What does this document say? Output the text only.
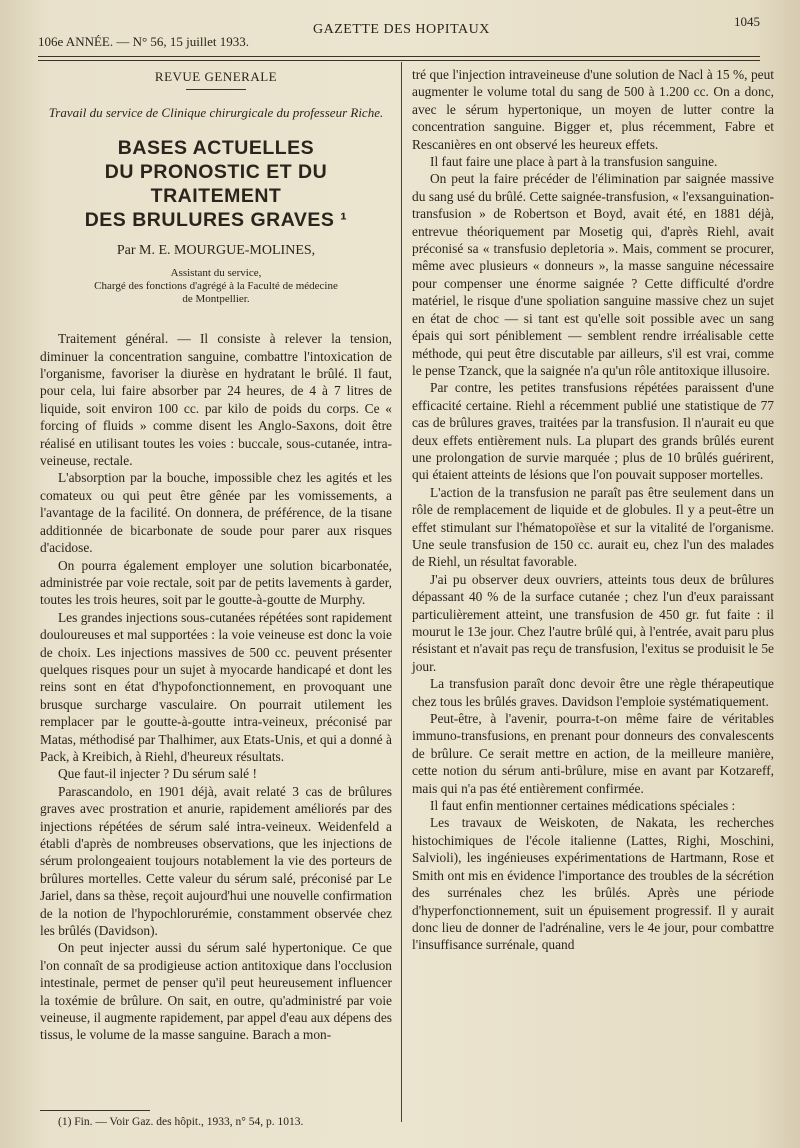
106e ANNÉE. — N° 56, 15 juillet 1933.
GAZETTE DES HOPITAUX
1045
REVUE GENERALE
Travail du service de Clinique chirurgicale du professeur Riche.
BASES ACTUELLES
DU PRONOSTIC ET DU TRAITEMENT
DES BRULURES GRAVES ¹
Par M. E. MOURGUE-MOLINES,
Assistant du service,
Chargé des fonctions d'agrégé à la Faculté de médecine
de Montpellier.

Traitement général. — Il consiste à relever la tension, diminuer la concentration sanguine, combattre l'intoxication de l'organisme, favoriser la diurèse en hydratant le brûlé. Il faut, pour cela, lui faire absorber par 24 heures, de 4 à 7 litres de liquide, soit environ 100 cc. par kilo de poids du corps. Ce « forcing of fluids » comme disent les Anglo-Saxons, doit être réalisé en utilisant toutes les voies : buccale, sous-cutanée, intra-veineuse, rectale.

L'absorption par la bouche, impossible chez les agités et les comateux ou qui peut être gênée par les vomissements, a l'avantage de la facilité. On donnera, de préférence, de la tisane additionnée de bicarbonate de soude pour parer aux risques d'acidose.

On pourra également employer une solution bicarbonatée, administrée par voie rectale, soit par de petits lavements à garder, toutes les trois heures, soit par le goutte-à-goutte de Murphy.

Les grandes injections sous-cutanées répétées sont rapidement douloureuses et mal supportées : la voie veineuse est donc la voie de choix. Les injections massives de 500 cc. peuvent présenter quelques risques pour un sujet à myocarde handicapé et dont les reins sont en état d'hypofonctionnement, en provoquant une brusque surcharge vasculaire. On pourrait utilement les remplacer par le goutte-à-goutte intra-veineux, préconisé par Matas, méthodisé par Thalhimer, aux Etats-Unis, et qui a donné à Pack, à Kreibich, à Riehl, d'heureux résultats.

Que faut-il injecter ? Du sérum salé !

Parascandolo, en 1901 déjà, avait relaté 3 cas de brûlures graves avec prostration et anurie, rapidement améliorés par des injections répétées de sérum salé intra-veineux. Weidenfeld a établi d'après de nombreuses observations, que les injections de sérum prolongeaient toujours notablement la vie des porteurs de brûlures mortelles. Cette valeur du sérum salé, préconisé par Le Jariel, dans sa thèse, reçoit aujourd'hui une nouvelle confirmation de la notion de l'hypochlorurémie, constamment observée chez les brûlés (Davidson).

On peut injecter aussi du sérum salé hypertonique. Ce que l'on connaît de sa prodigieuse action antitoxique dans l'occlusion intestinale, permet de penser qu'il peut heureusement influencer la toxémie de brûlure. On sait, en outre, qu'administré par voie veineuse, il augmente rapidement, par appel d'eau aux dépens des tissus, le volume de la masse sanguine. Barach a mon-

tré que l'injection intraveineuse d'une solution de Nacl à 15 %, peut augmenter le volume total du sang de 500 à 1.200 cc. On a donc, avec le sérum hypertonique, un moyen de lutter contre la concentration sanguine. Bigger et, plus récemment, Fabre et Rescanières en ont observé les heureux effets.

Il faut faire une place à part à la transfusion sanguine.

On peut la faire précéder de l'élimination par saignée massive du sang usé du brûlé. Cette saignée-transfusion, « l'exsanguination-transfusion » de Robertson et Boyd, avait été, en 1881 déjà, entrevue théoriquement par Mosetig qui, d'après Riehl, avait préconisé sa « transfusio depletoria ». Mais, comment se procurer, même avec plusieurs « donneurs », la masse sanguine nécessaire pour compenser une énorme saignée ? Cette difficulté d'ordre matériel, le risque d'une spoliation sanguine massive chez un sujet en état de choc — si tant est qu'elle soit possible avec un sang épais qui sort péniblement — semblent rendre irréalisable cette méthode, qui peut être discutable par ailleurs, s'il est vrai, comme le pense Tzanck, que la saignée n'a qu'un rôle antitoxique illusoire.

Par contre, les petites transfusions répétées paraissent d'une efficacité certaine. Riehl a récemment publié une statistique de 77 cas de brûlures graves, traitées par la transfusion. Il n'aurait eu que deux effets entièrement nuls. La plupart des grands brûlés eurent une prolongation de survie marquée ; plus de 10 brûlés guérirent, qui étaient atteints de lésions que l'on pouvait supposer mortelles.

L'action de la transfusion ne paraît pas être seulement dans un rôle de remplacement de liquide et de globules. Il y a peut-être un effet stimulant sur l'hématopoïèse et sur la vitalité de l'organisme. Une seule transfusion de 150 cc. aurait eu, chez l'un des malades de Riehl, un résultat favorable.

J'ai pu observer deux ouvriers, atteints tous deux de brûlures dépassant 40 % de la surface cutanée ; chez l'un d'eux paraissant particulièrement atteint, une transfusion de 450 gr. fut faite : il mourut le 13e jour. Chez l'autre brûlé qui, à l'entrée, avait paru plus résistant et n'avait pas reçu de transfusion, l'exitus se produisit le 5e jour.

La transfusion paraît donc devoir être une règle thérapeutique chez tous les brûlés graves. Davidson l'emploie systématiquement.

Peut-être, à l'avenir, pourra-t-on même faire de véritables immuno-transfusions, en prenant pour donneurs des convalescents de brûlure. Ce serait mettre en action, de la meilleure manière, cette notion du sérum anti-brûlure, mise en avant par Kotzareff, mais qui n'a pas été entièrement confirmée.

Il faut enfin mentionner certaines médications spéciales :

Les travaux de Weiskoten, de Nakata, les recherches histochimiques de l'école italienne (Lattes, Righi, Moschini, Salvioli), les ingénieuses expérimentations de Hartmann, Rose et Smith ont mis en évidence l'importance des troubles de la sécrétion des surrénales chez les brûlés. Après une période d'hyperfonctionnement, suit un épuisement progressif. Il y aurait donc lieu de donner de l'adrénaline, vers le 4e jour, pour combattre l'insuffisance surrénale, quand

(1) Fin. — Voir Gaz. des hôpit., 1933, n° 54, p. 1013.
